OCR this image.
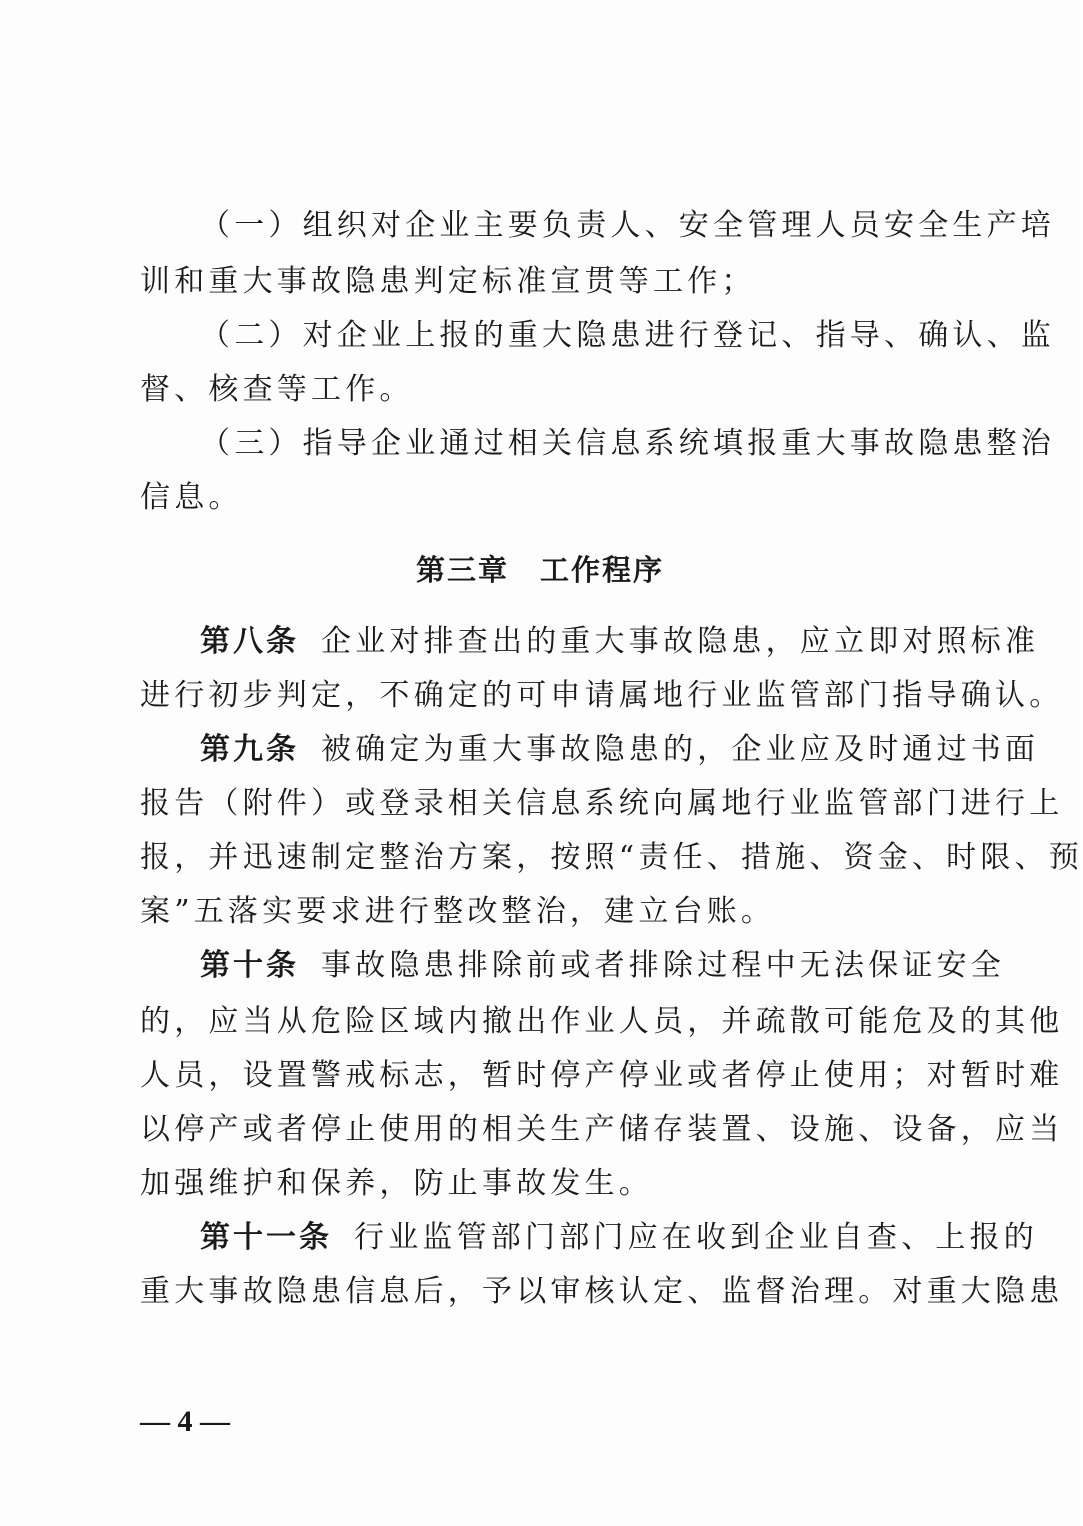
（一）组织对企业主要负责人、安全管理人员安全生产培
训和重大事故隐患判定标准宣贯等工作；
（二）对企业上报的重大隐患进行登记、指导、确认、监
督、核查等工作。
（三）指导企业通过相关信息系统填报重大事故隐患整治
信息。
第三章　工作程序
第八条 企业对排查出的重大事故隐患，应立即对照标准
进行初步判定，不确定的可申请属地行业监管部门指导确认。
第九条 被确定为重大事故隐患的，企业应及时通过书面
报告（附件）或登录相关信息系统向属地行业监管部门进行上
报，并迅速制定整治方案，按照“责任、措施、资金、时限、预
案”五落实要求进行整改整治，建立台账。
第十条 事故隐患排除前或者排除过程中无法保证安全
的，应当从危险区域内撤出作业人员，并疏散可能危及的其他
人员，设置警戒标志，暂时停产停业或者停止使用；对暂时难
以停产或者停止使用的相关生产储存装置、设施、设备，应当
加强维护和保养，防止事故发生。
第十一条 行业监管部门部门应在收到企业自查、上报的
重大事故隐患信息后，予以审核认定、监督治理。对重大隐患
— 4 —
